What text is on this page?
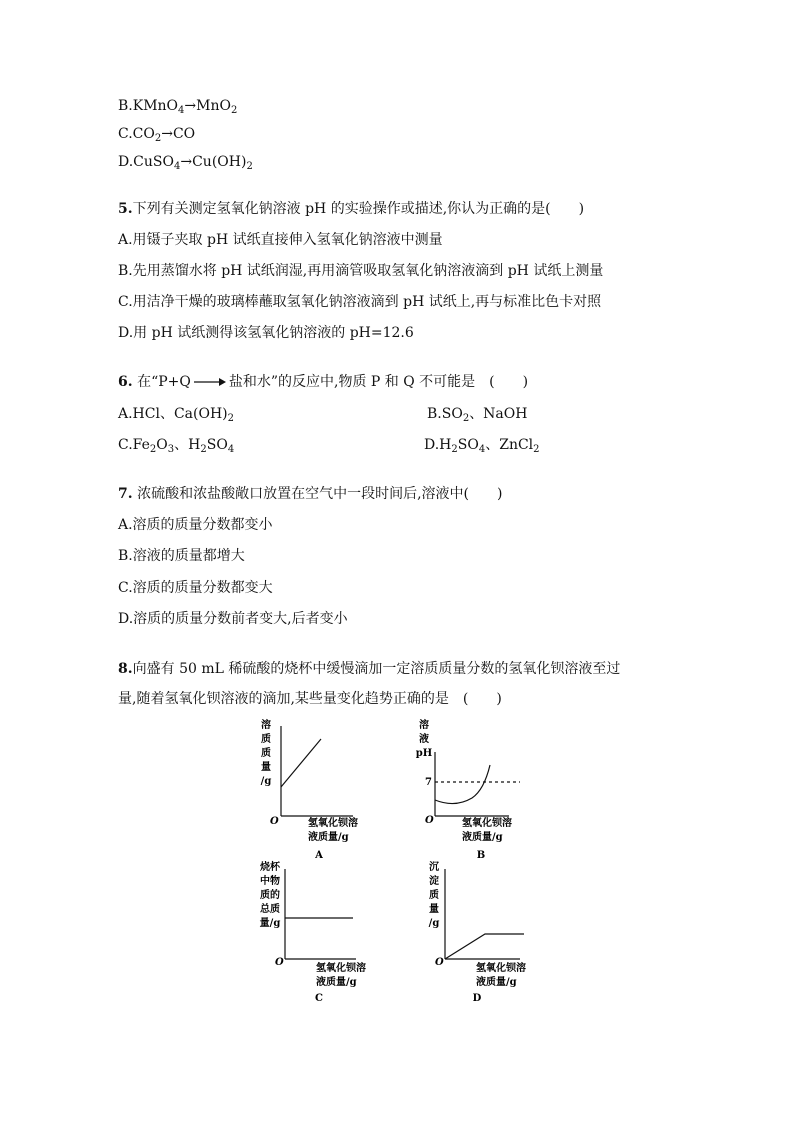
B.KMnO$_4$→MnO$_2$
$C.CO_2\to CO$
$D.CuSO_4\to Cu(OH)_2$
5.下列有关测定氢氧化钠溶液 pH 的实验操作或描述,你认为正确的是(　　)
A.用镊子夹取 pH 试纸直接伸入氢氧化钠溶液中测量
B.先用蒸馏水将 pH 试纸润湿,再用滴管吸取氢氧化钠溶液滴到 pH 试纸上测量
C.用洁净干燥的玻璃棒蘸取氢氧化钠溶液滴到 pH 试纸上,再与标准比色卡对照
D.用 pH 试纸测得该氢氧化钠溶液的 pH=12.6
6. 在“P+Q → 盐和水”的反应中,物质 P 和 Q 不可能是　(　　)
A.HCl、$Ca(OH)_2$	$B.SO_2$、NaOH
$C.Fe_2O_3$、$H_2SO_4$	$D.H_2SO_4$、ZnCl$_2$
7. 浓硫酸和浓盐酸敞口放置在空气中一段时间后,溶液中(　　)
A.溶质的质量分数都变小
B.溶液的质量都增大
C.溶质的质量分数都变大
D.溶质的质量分数前者变大,后者变小
8.向盛有 50 mL 稀硫酸的烧杯中缓慢滴加一定溶质质量分数的氢氧化钡溶液至过
量,随着氢氧化钡溶液的滴加,某些量变化趋势正确的是　(　　)
溶
质
质
量
/g
O	氢氧化钡溶
液质量/g
A
溶
液
pH
7
O	氢氧化钡溶
液质量/g
B
烧杯
中物
质的
总质
量/g
O
氢氧化钡溶
液质量/g
C
沉
淀
质
量
/g
O
氢氧化钡溶
液质量/g
D
